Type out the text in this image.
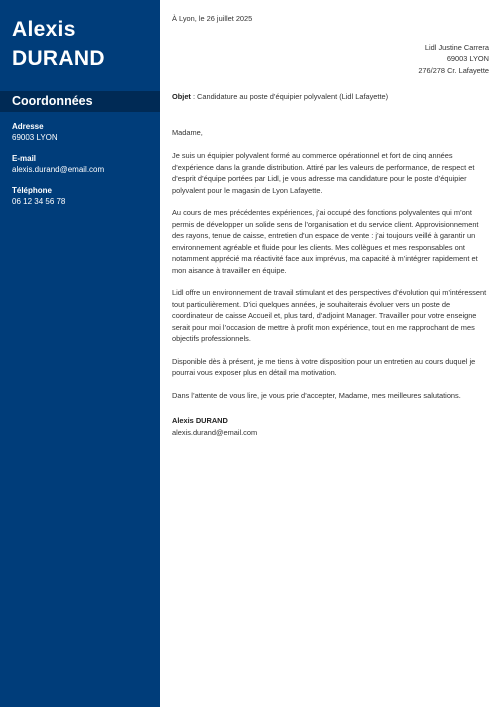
Alexis
DURAND
Coordonnées
Adresse
69003 LYON
E-mail
alexis.durand@email.com
Téléphone
06 12 34 56 78
À Lyon, le 26 juillet 2025
Lidl Justine Carrera
69003 LYON
276/278 Cr. Lafayette
Objet : Candidature au poste d’équipier polyvalent (Lidl Lafayette)
Madame,

Je suis un équipier polyvalent formé au commerce opérationnel et fort de cinq années d’expérience dans la grande distribution. Attiré par les valeurs de performance, de respect et d’esprit d’équipe portées par Lidl, je vous adresse ma candidature pour le poste d’équipier polyvalent pour le magasin de Lyon Lafayette.

Au cours de mes précédentes expériences, j’ai occupé des fonctions polyvalentes qui m’ont permis de développer un solide sens de l’organisation et du service client. Approvisionnement des rayons, tenue de caisse, entretien d’un espace de vente : j’ai toujours veillé à garantir un environnement agréable et fluide pour les clients. Mes collègues et mes responsables ont notamment apprécié ma réactivité face aux imprévus, ma capacité à m’intégrer rapidement et mon aisance à travailler en équipe.

Lidl offre un environnement de travail stimulant et des perspectives d’évolution qui m’intéressent tout particulièrement. D’ici quelques années, je souhaiterais évoluer vers un poste de coordinateur de caisse Accueil et, plus tard, d’adjoint Manager. Travailler pour votre enseigne serait pour moi l’occasion de mettre à profit mon expérience, tout en me rapprochant de mes objectifs professionnels.

Disponible dès à présent, je me tiens à votre disposition pour un entretien au cours duquel je pourrai vous exposer plus en détail ma motivation.

Dans l’attente de vous lire, je vous prie d’accepter, Madame, mes meilleures salutations.

Alexis DURAND
alexis.durand@email.com
